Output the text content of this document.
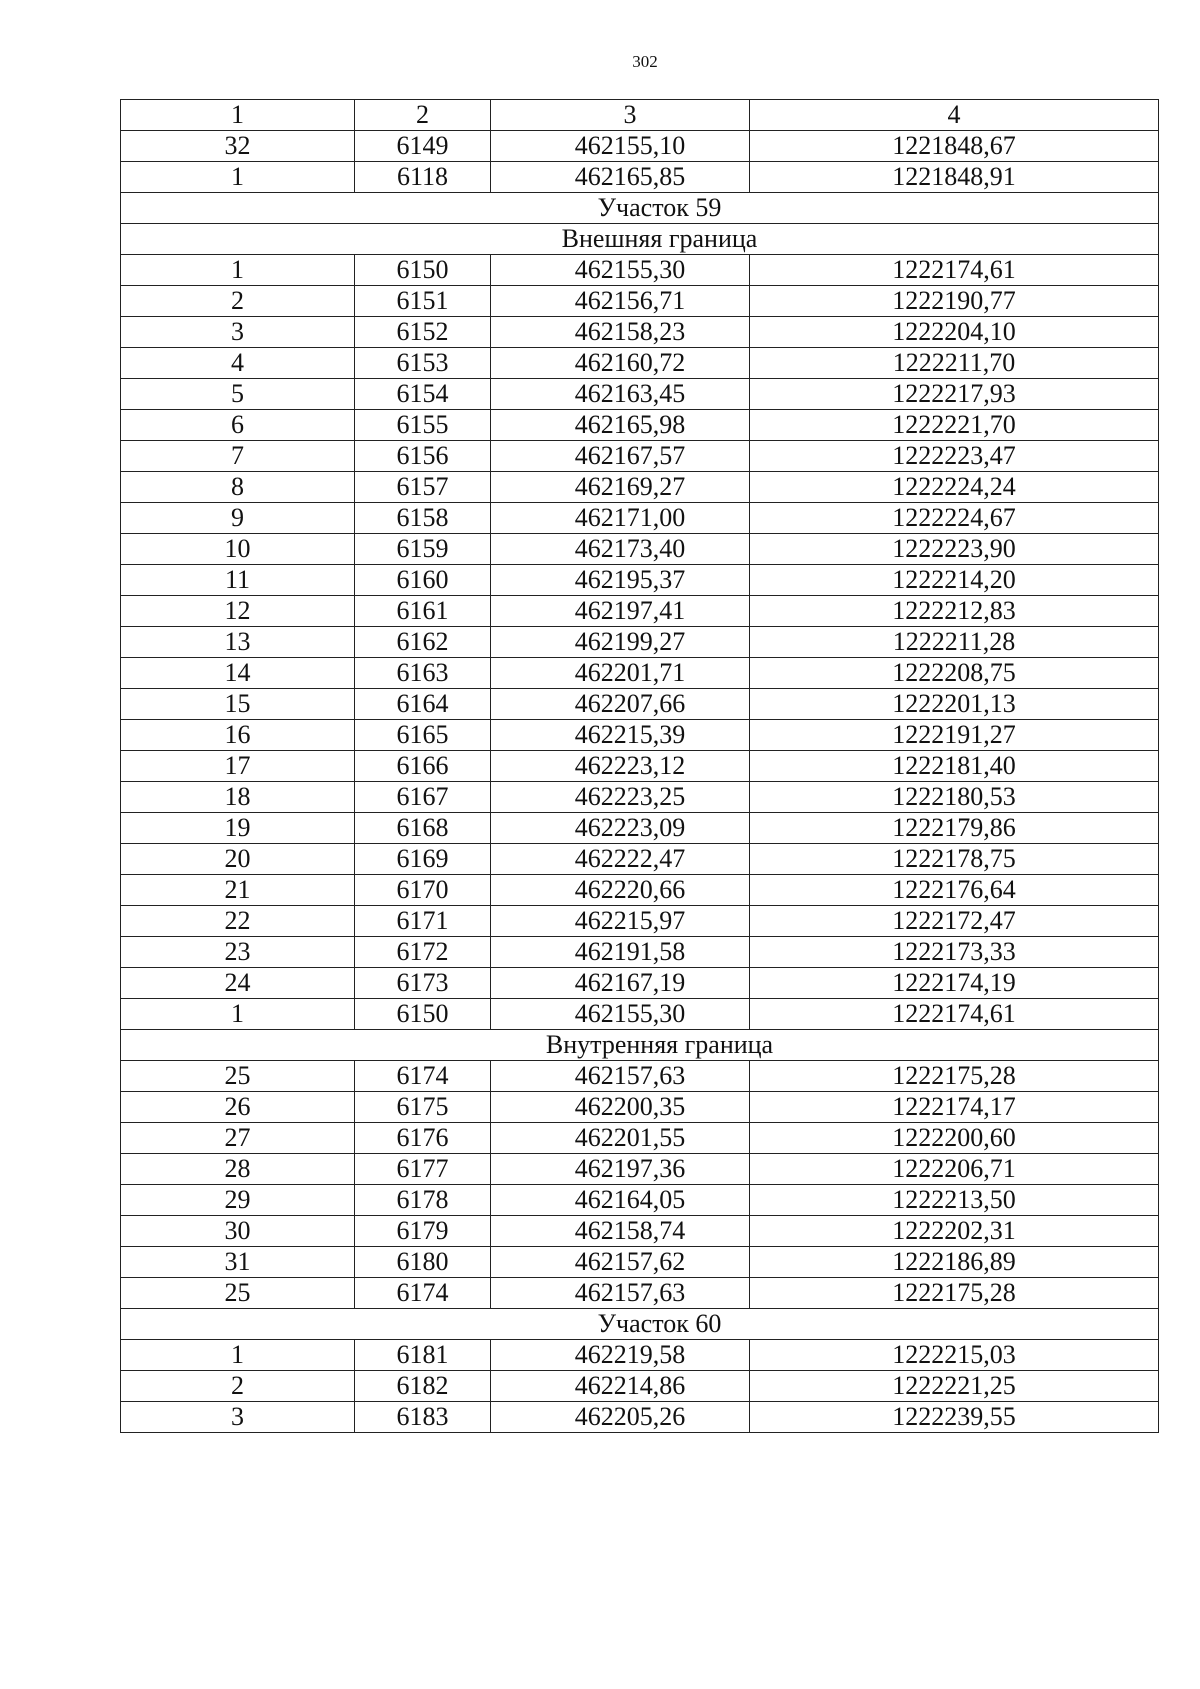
302
1	2	3	4
32	6149	462155,10	1221848,67
1	6118	462165,85	1221848,91
Участок 59			
Внешняя граница			
1	6150	462155,30	1222174,61
2	6151	462156,71	1222190,77
3	6152	462158,23	1222204,10
4	6153	462160,72	1222211,70
5	6154	462163,45	1222217,93
6	6155	462165,98	1222221,70
7	6156	462167,57	1222223,47
8	6157	462169,27	1222224,24
9	6158	462171,00	1222224,67
10	6159	462173,40	1222223,90
11	6160	462195,37	1222214,20
12	6161	462197,41	1222212,83
13	6162	462199,27	1222211,28
14	6163	462201,71	1222208,75
15	6164	462207,66	1222201,13
16	6165	462215,39	1222191,27
17	6166	462223,12	1222181,40
18	6167	462223,25	1222180,53
19	6168	462223,09	1222179,86
20	6169	462222,47	1222178,75
21	6170	462220,66	1222176,64
22	6171	462215,97	1222172,47
23	6172	462191,58	1222173,33
24	6173	462167,19	1222174,19
1	6150	462155,30	1222174,61
Внутренняя граница			
25	6174	462157,63	1222175,28
26	6175	462200,35	1222174,17
27	6176	462201,55	1222200,60
28	6177	462197,36	1222206,71
29	6178	462164,05	1222213,50
30	6179	462158,74	1222202,31
31	6180	462157,62	1222186,89
25	6174	462157,63	1222175,28
Участок 60			
1	6181	462219,58	1222215,03
2	6182	462214,86	1222221,25
3	6183	462205,26	1222239,55
